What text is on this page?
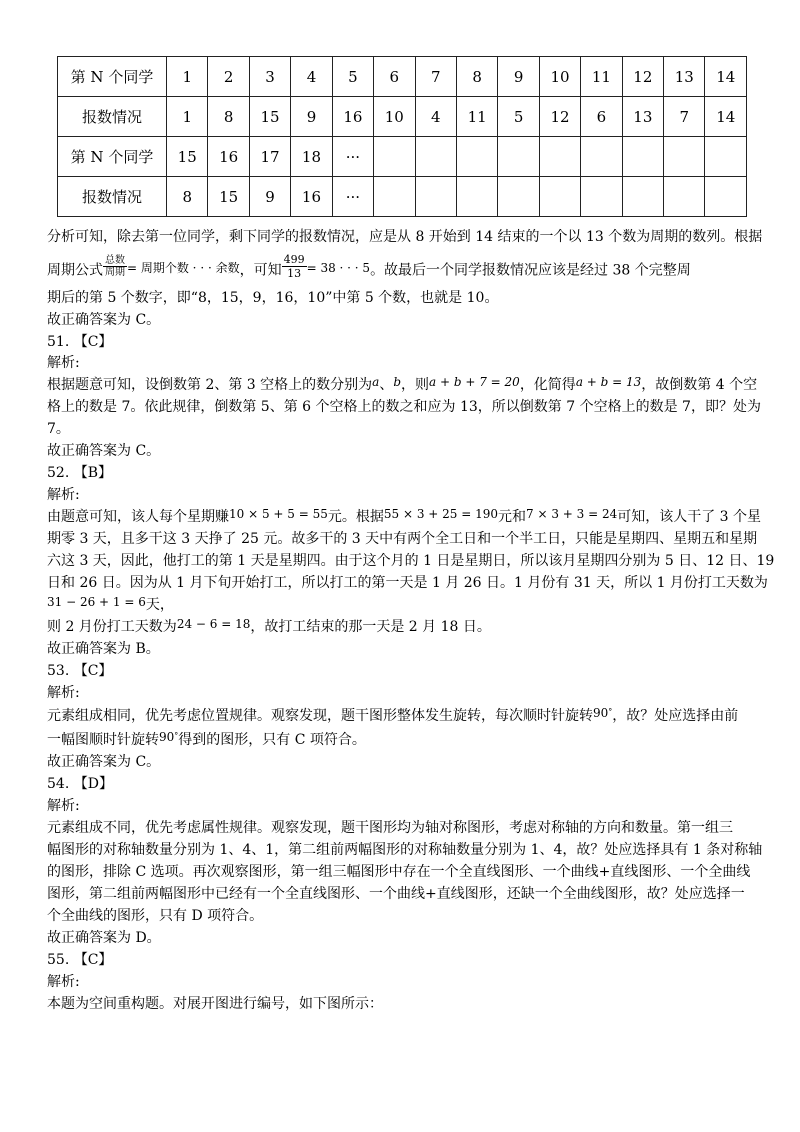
第 N 个同学	1	2	3	4	5	6	7	8	9	10	11	12	13	14
报数情况	1	8	15	9	16	10	4	11	5	12	6	13	7	14
第 N 个同学	15	16	17	18	···									
报数情况	8	15	9	16	···									
分析可知，除去第一位同学，剩下同学的报数情况，应是从 8 开始到 14 结束的一个以 13 个数为周期的数列。根据
周期公式 $\frac{\text{总数}}{\text{周期}}$ = 周期个数 · · · 余数，可知 $\frac{499}{13} = 38$ · · · 5。故最后一个同学报数情况应该是经过 38 个完整周
期后的第 5 个数字，即“8，15，9，16，10”中第 5 个数，也就是 10。
故正确答案为 C。
51. 【C】
解析:
根据题意可知，设倒数第 2、第 3 空格上的数分别为a、b，则a + b + 7 = 20，化简得a + b = 13，故倒数第 4 个空
格上的数是 7。依此规律，倒数第 5、第 6 个空格上的数之和应为 13，所以倒数第 7 个空格上的数是 7，即？处为
7。
故正确答案为 C。
52. 【B】
解析:
由题意可知，该人每个星期赚10 × 5 + 5 = 55元。根据55 × 3 + 25 = 190元和7 × 3 + 3 = 24可知，该人干了 3 个星
期零 3 天，且多干这 3 天挣了 25 元。故多干的 3 天中有两个全工日和一个半工日，只能是星期四、星期五和星期
六这 3 天，因此，他打工的第 1 天是星期四。由于这个月的 1 日是星期日，所以该月星期四分别为 5 日、12 日、19
日和 26 日。因为从 1 月下旬开始打工，所以打工的第一天是 1 月 26 日。1 月份有 31 天，所以 1 月份打工天数为
31 − 26 + 1 = 6天，
则 2 月份打工天数为24 − 6 = 18，故打工结束的那一天是 2 月 18 日。
故正确答案为 B。
53. 【C】
解析:
元素组成相同，优先考虑位置规律。观察发现，题干图形整体发生旋转，每次顺时针旋转90°，故？处应选择由前
一幅图顺时针旋转90°得到的图形，只有 C 项符合。
故正确答案为 C。
54. 【D】
解析:
元素组成不同，优先考虑属性规律。观察发现，题干图形均为轴对称图形，考虑对称轴的方向和数量。第一组三
幅图形的对称轴数量分别为 1、4、1，第二组前两幅图形的对称轴数量分别为 1、4，故？处应选择具有 1 条对称轴
的图形，排除 C 选项。再次观察图形，第一组三幅图形中存在一个全直线图形、一个曲线+直线图形、一个全曲线
图形，第二组前两幅图形中已经有一个全直线图形、一个曲线+直线图形，还缺一个全曲线图形，故？处应选择一
个全曲线的图形，只有 D 项符合。
故正确答案为 D。
55. 【C】
解析:
本题为空间重构题。对展开图进行编号，如下图所示：
